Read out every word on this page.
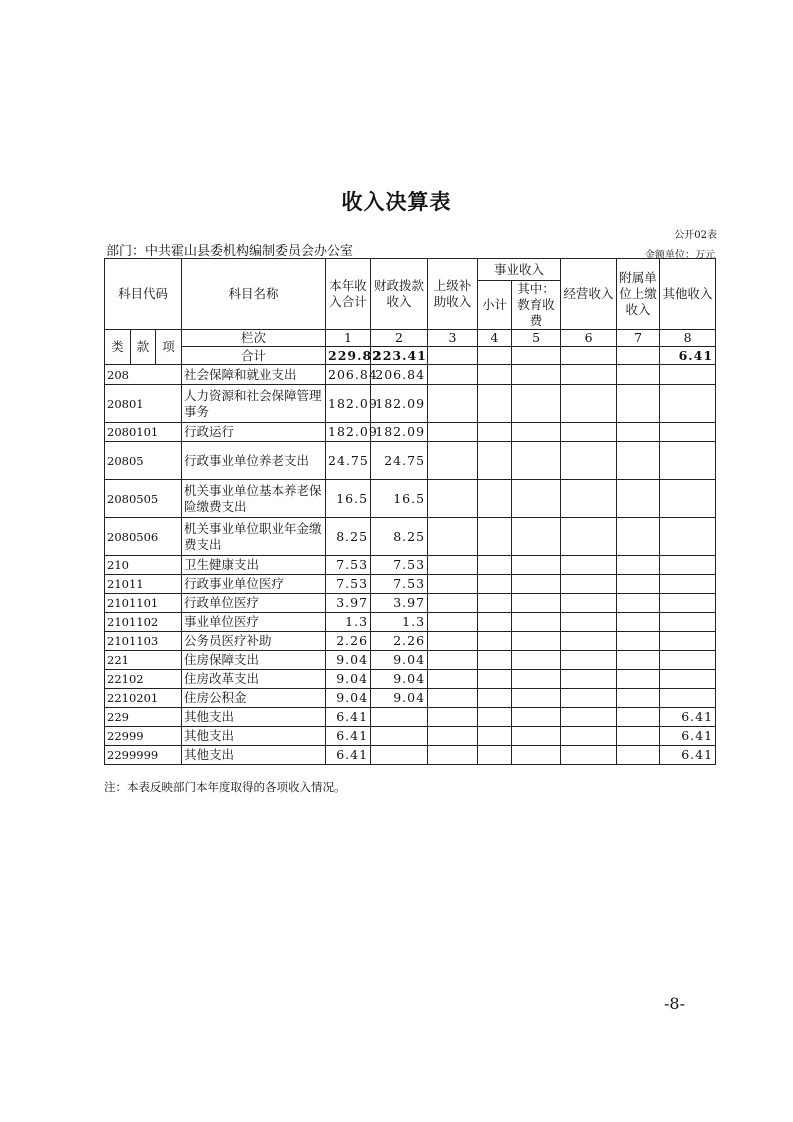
收入决算表
公开02表
部门：中共霍山县委机构编制委员会办公室	金额单位：万元
科目代码			科目名称	本年收入合计	财政拨款收入	上级补助收入	事业收入		经营收入	附属单位上缴收入	其他收入
							小计	其中：教育收费			

类	款	项	栏次	1	2	3	4	5	6	7	8
			合计	229.82	223.41						6.41
208			社会保障和就业支出	206.84	206.84						
20801			人力资源和社会保障管理事务	182.09	182.09						
2080101			行政运行	182.09	182.09						
20805			行政事业单位养老支出	24.75	24.75						
2080505			机关事业单位基本养老保险缴费支出	16.5	16.5						
2080506			机关事业单位职业年金缴费支出	8.25	8.25						
210			卫生健康支出	7.53	7.53						
21011			行政事业单位医疗	7.53	7.53						
2101101			行政单位医疗	3.97	3.97						
2101102			事业单位医疗	1.3	1.3						
2101103			公务员医疗补助	2.26	2.26						
221			住房保障支出	9.04	9.04						
22102			住房改革支出	9.04	9.04						
2210201			住房公积金	9.04	9.04						
229			其他支出	6.41							6.41
22999			其他支出	6.41							6.41
2299999			其他支出	6.41							6.41
注：本表反映部门本年度取得的各项收入情况。
-8-
